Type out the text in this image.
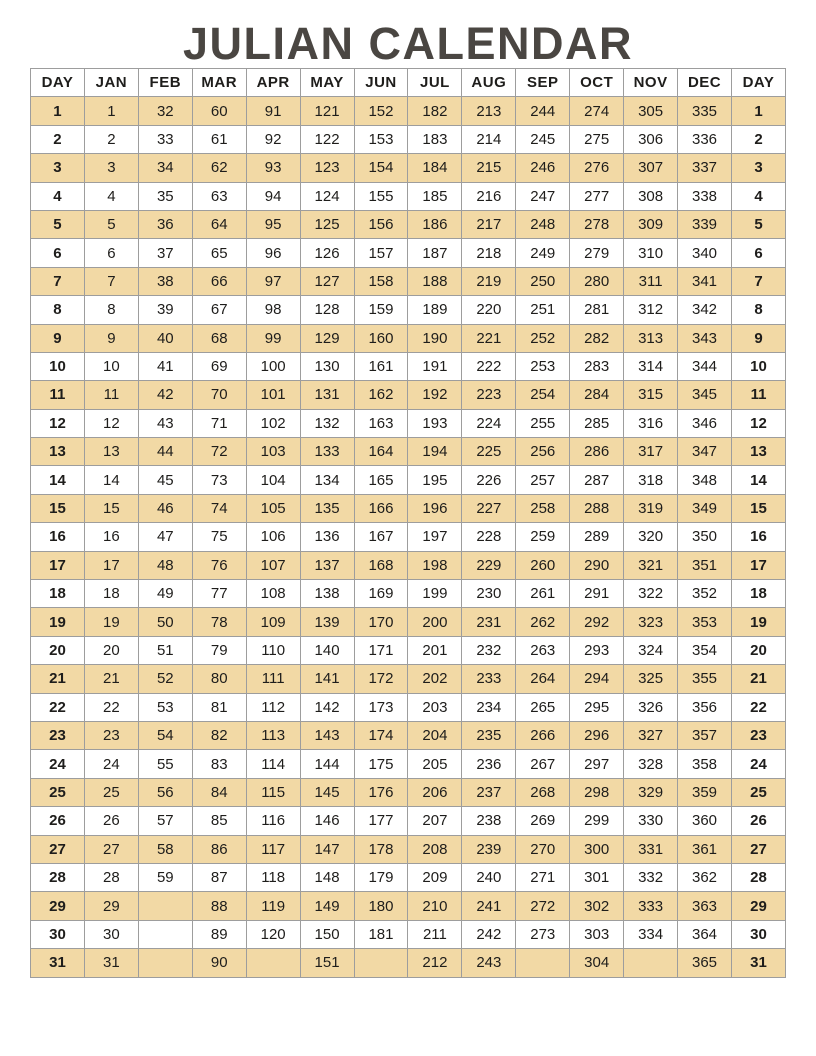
JULIAN CALENDAR
DAY	JAN	FEB	MAR	APR	MAY	JUN	JUL	AUG	SEP	OCT	NOV	DEC	DAY
1	1	32	60	91	121	152	182	213	244	274	305	335	1
2	2	33	61	92	122	153	183	214	245	275	306	336	2
3	3	34	62	93	123	154	184	215	246	276	307	337	3
4	4	35	63	94	124	155	185	216	247	277	308	338	4
5	5	36	64	95	125	156	186	217	248	278	309	339	5
6	6	37	65	96	126	157	187	218	249	279	310	340	6
7	7	38	66	97	127	158	188	219	250	280	311	341	7
8	8	39	67	98	128	159	189	220	251	281	312	342	8
9	9	40	68	99	129	160	190	221	252	282	313	343	9
10	10	41	69	100	130	161	191	222	253	283	314	344	10
11	11	42	70	101	131	162	192	223	254	284	315	345	11
12	12	43	71	102	132	163	193	224	255	285	316	346	12
13	13	44	72	103	133	164	194	225	256	286	317	347	13
14	14	45	73	104	134	165	195	226	257	287	318	348	14
15	15	46	74	105	135	166	196	227	258	288	319	349	15
16	16	47	75	106	136	167	197	228	259	289	320	350	16
17	17	48	76	107	137	168	198	229	260	290	321	351	17
18	18	49	77	108	138	169	199	230	261	291	322	352	18
19	19	50	78	109	139	170	200	231	262	292	323	353	19
20	20	51	79	110	140	171	201	232	263	293	324	354	20
21	21	52	80	111	141	172	202	233	264	294	325	355	21
22	22	53	81	112	142	173	203	234	265	295	326	356	22
23	23	54	82	113	143	174	204	235	266	296	327	357	23
24	24	55	83	114	144	175	205	236	267	297	328	358	24
25	25	56	84	115	145	176	206	237	268	298	329	359	25
26	26	57	85	116	146	177	207	238	269	299	330	360	26
27	27	58	86	117	147	178	208	239	270	300	331	361	27
28	28	59	87	118	148	179	209	240	271	301	332	362	28
29	29		88	119	149	180	210	241	272	302	333	363	29
30	30		89	120	150	181	211	242	273	303	334	364	30
31	31		90		151		212	243		304		365	31
